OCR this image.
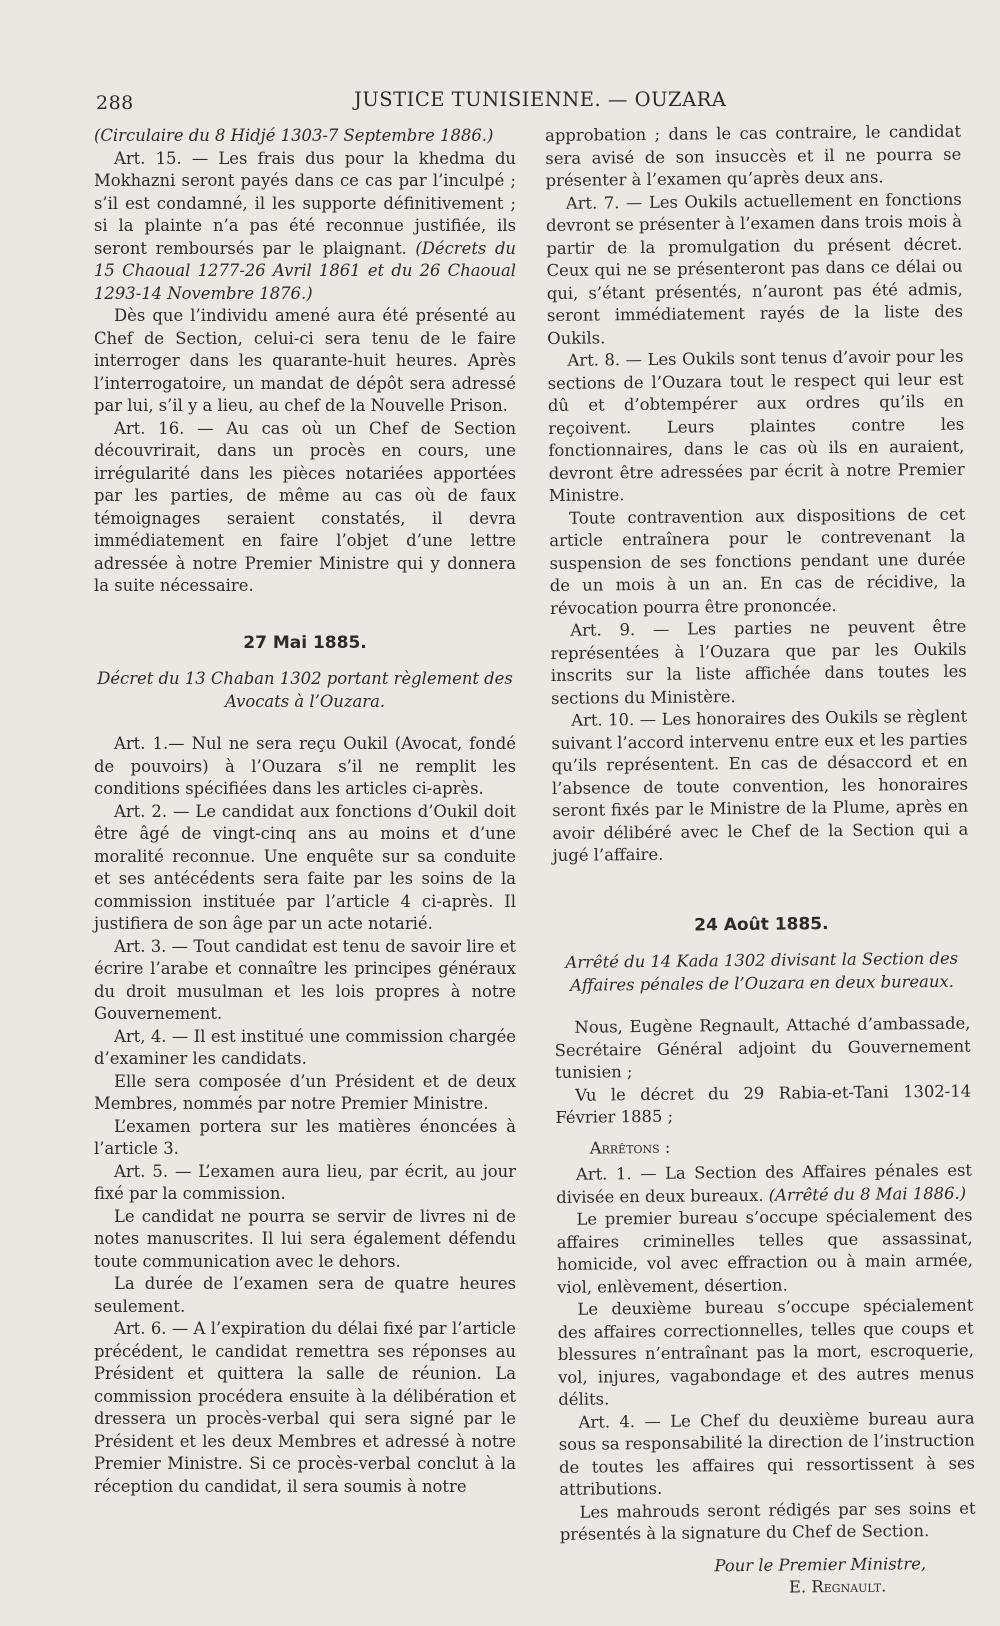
288	JUSTICE TUNISIENNE. — OUZARA

(Circulaire du 8 Hidjé 1303-7 Septembre 1886.)

Art. 15. — Les frais dus pour la khedma du Mokhazni seront payés dans ce cas par l’inculpé ; s’il est condamné, il les supporte définitivement ; si la plainte n’a pas été reconnue justifiée, ils seront remboursés par le plaignant. (Décrets du 15 Chaoual 1277-26 Avril 1861 et du 26 Chaoual 1293-14 Novembre 1876.)

Dès que l’individu amené aura été présenté au Chef de Section, celui-ci sera tenu de le faire interroger dans les quarante-huit heures. Après l’interrogatoire, un mandat de dépôt sera adressé par lui, s’il y a lieu, au chef de la Nouvelle Prison.

Art. 16. — Au cas où un Chef de Section découvrirait, dans un procès en cours, une irrégularité dans les pièces notariées apportées par les parties, de même au cas où de faux témoignages seraient constatés, il devra immédiatement en faire l’objet d’une lettre adressée à notre Premier Ministre qui y donnera la suite nécessaire.

27 Mai 1885.

Décret du 13 Chaban 1302 portant règlement des Avocats à l’Ouzara.

Art. 1.— Nul ne sera reçu Oukil (Avocat, fondé de pouvoirs) à l’Ouzara s’il ne remplit les conditions spécifiées dans les articles ci-après.

Art. 2. — Le candidat aux fonctions d’Oukil doit être âgé de vingt-cinq ans au moins et d’une moralité reconnue. Une enquête sur sa conduite et ses antécédents sera faite par les soins de la commission instituée par l’article 4 ci-après. Il justifiera de son âge par un acte notarié.

Art. 3. — Tout candidat est tenu de savoir lire et écrire l’arabe et connaître les principes généraux du droit musulman et les lois propres à notre Gouvernement.

Art, 4. — Il est institué une commission chargée d’examiner les candidats.

Elle sera composée d’un Président et de deux Membres, nommés par notre Premier Ministre.

L’examen portera sur les matières énoncées à l’article 3.

Art. 5. — L’examen aura lieu, par écrit, au jour fixé par la commission.

Le candidat ne pourra se servir de livres ni de notes manuscrites. Il lui sera également défendu toute communication avec le dehors.

La durée de l’examen sera de quatre heures seulement.

Art. 6. — A l’expiration du délai fixé par l’article précédent, le candidat remettra ses réponses au Président et quittera la salle de réunion. La commission procédera ensuite à la délibération et dressera un procès-verbal qui sera signé par le Président et les deux Membres et adressé à notre Premier Ministre. Si ce procès-verbal conclut à la réception du candidat, il sera soumis à notre

approbation ; dans le cas contraire, le candidat sera avisé de son insuccès et il ne pourra se présenter à l’examen qu’après deux ans.

Art. 7. — Les Oukils actuellement en fonctions devront se présenter à l’examen dans trois mois à partir de la promulgation du présent décret. Ceux qui ne se présenteront pas dans ce délai ou qui, s’étant présentés, n’auront pas été admis, seront immédiatement rayés de la liste des Oukils.

Art. 8. — Les Oukils sont tenus d’avoir pour les sections de l’Ouzara tout le respect qui leur est dû et d’obtempérer aux ordres qu’ils en reçoivent. Leurs plaintes contre les fonctionnaires, dans le cas où ils en auraient, devront être adressées par écrit à notre Premier Ministre.

Toute contravention aux dispositions de cet article entraînera pour le contrevenant la suspension de ses fonctions pendant une durée de un mois à un an. En cas de récidive, la révocation pourra être prononcée.

Art. 9. — Les parties ne peuvent être représentées à l’Ouzara que par les Oukils inscrits sur la liste affichée dans toutes les sections du Ministère.

Art. 10. — Les honoraires des Oukils se règlent suivant l’accord intervenu entre eux et les parties qu’ils représentent. En cas de désaccord et en l’absence de toute convention, les honoraires seront fixés par le Ministre de la Plume, après en avoir délibéré avec le Chef de la Section qui a jugé l’affaire.

24 Août 1885.

Arrêté du 14 Kada 1302 divisant la Section des Affaires pénales de l’Ouzara en deux bureaux.

Nous, Eugène Regnault, Attaché d’ambassade, Secrétaire Général adjoint du Gouvernement tunisien ;

Vu le décret du 29 Rabia-et-Tani 1302-14 Février 1885 ;

Arrêtons :

Art. 1. — La Section des Affaires pénales est divisée en deux bureaux. (Arrêté du 8 Mai 1886.)

Le premier bureau s’occupe spécialement des affaires criminelles telles que assassinat, homicide, vol avec effraction ou à main armée, viol, enlèvement, désertion.

Le deuxième bureau s’occupe spécialement des affaires correctionnelles, telles que coups et blessures n’entraînant pas la mort, escroquerie, vol, injures, vagabondage et des autres menus délits.

Art. 4. — Le Chef du deuxième bureau aura sous sa responsabilité la direction de l’instruction de toutes les affaires qui ressortissent à ses attributions.

Les mahrouds seront rédigés par ses soins et présentés à la signature du Chef de Section.

Pour le Premier Ministre,

E. Regnault.
